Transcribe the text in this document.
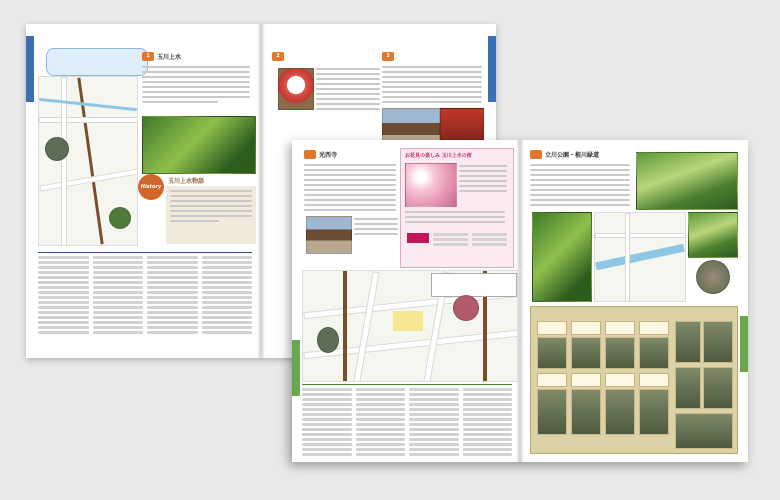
1	玉川上水
History
玉川上水物語
2	3
光西寺	お花見の楽しみ 玉川上水の桜	立川公園・根川緑道
